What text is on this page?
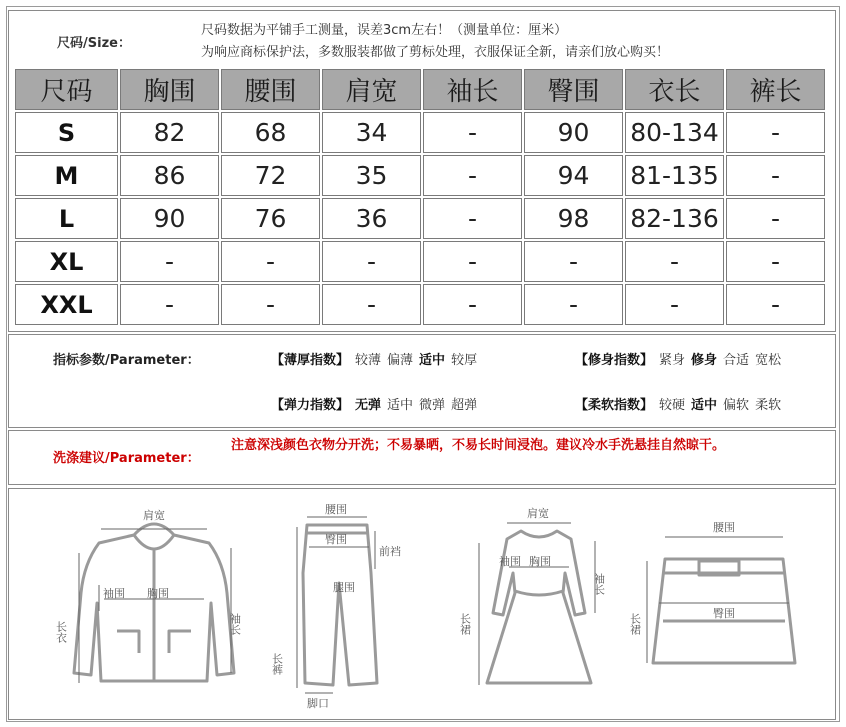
尺码/Size：
尺码数据为平铺手工测量，误差3cm左右！（测量单位：厘米）
为响应商标保护法，多数服装都做了剪标处理，衣服保证全新，请亲们放心购买！
尺码	胸围	腰围	肩宽	袖长	臀围	衣长	裤长
S	82	68	34	-	90	80-134	-
M	86	72	35	-	94	81-135	-
L	90	76	36	-	98	82-136	-
XL	-	-	-	-	-	-	-
XXL	-	-	-	-	-	-	-
指标参数/Parameter：	【薄厚指数】 较薄 偏薄 适中 较厚	【修身指数】 紧身 修身 合适 宽松
【弹力指数】 无弹 适中 微弹 超弹	【柔软指数】 较硬 适中 偏软 柔软
洗涤建议/Parameter：
注意深浅颜色衣物分开洗；不易暴晒，不易长时间浸泡。建议冷水手洗悬挂自然晾干。
肩宽
长衣
袖围 胸围
袖长
腰围
臀围
前裆
腿围
长裤
脚口
肩宽
袖围 胸围
长裙
袖长
腰围
臀围
长裙
